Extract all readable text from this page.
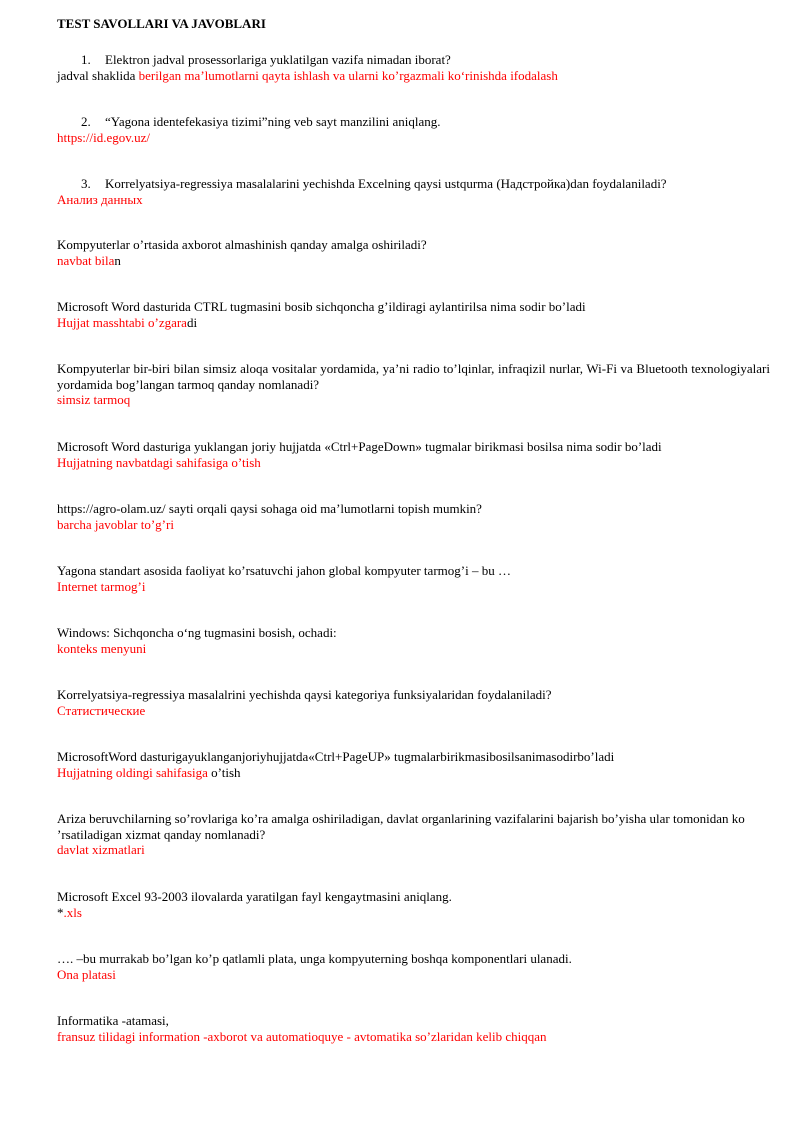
TEST SAVOLLARI VA JAVOBLARI

1. Elektron jadval prosessorlariga yuklatilgan vazifa nimadan iborat?

jadval shaklida berilgan ma’lumotlarni qayta ishlash va ularni ko’rgazmali ko‘rinishda ifodalash

2. “Yagona identefekasiya tizimi”ning veb sayt manzilini aniqlang.

https://id.egov.uz/

3. Korrelyatsiya-regressiya masalalarini yechishda Excelning qaysi ustqurma (Надстройка)dan foydalaniladi?

Анализ данных

Kompyuterlar o’rtasida axborot almashinish qanday amalga oshiriladi?

navbat bilan

Microsoft Word dasturida CTRL tugmasini bosib sichqoncha g’ildiragi aylantirilsa nima sodir bo’ladi

Hujjat masshtabi o’zgaradi

Kompyuterlar bir-biri bilan simsiz aloqa vositalar yordamida, ya’ni radio to’lqinlar, infraqizil nurlar, Wi-Fi va Bluetooth texnologiyalari yordamida bog’langan tarmoq qanday nomlanadi?

simsiz tarmoq

Microsoft Word dasturiga yuklangan joriy hujjatda «Ctrl+PageDown» tugmalar birikmasi bosilsa nima sodir bo’ladi

Hujjatning navbatdagi sahifasiga o’tish

https://agro-olam.uz/ sayti orqali qaysi sohaga oid ma’lumotlarni topish mumkin?

barcha javoblar to’g’ri

Yagona standart asosida faoliyat ko’rsatuvchi jahon global kompyuter tarmog’i – bu …

Internet tarmog’i

Windows: Sichqoncha o‘ng tugmasini bosish, ochadi:

konteks menyuni

Korrelyatsiya-regressiya masalalrini yechishda qaysi kategoriya funksiyalaridan foydalaniladi?

Статистические

MicrosoftWord dasturigayuklanganjoriyhujjatda«Ctrl+PageUP» tugmalarbirikmasibosilsanimasodirbo’ladi

Hujjatning oldingi sahifasiga o’tish

Ariza beruvchilarning so’rovlariga ko’ra amalga oshiriladigan, davlat organlarining vazifalarini bajarish bo’yisha ular tomonidan ko ’rsatiladigan xizmat qanday nomlanadi?

davlat xizmatlari

Microsoft Excel 93-2003 ilovalarda yaratilgan fayl kengaytmasini aniqlang.

*.xls

…. –bu murrakab bo’lgan ko’p qatlamli plata, unga kompyuterning boshqa komponentlari ulanadi.

Ona platasi

Informatika -atamasi,

fransuz tilidagi information -axborot va automatioquye - avtomatika so’zlaridan kelib chiqqan
